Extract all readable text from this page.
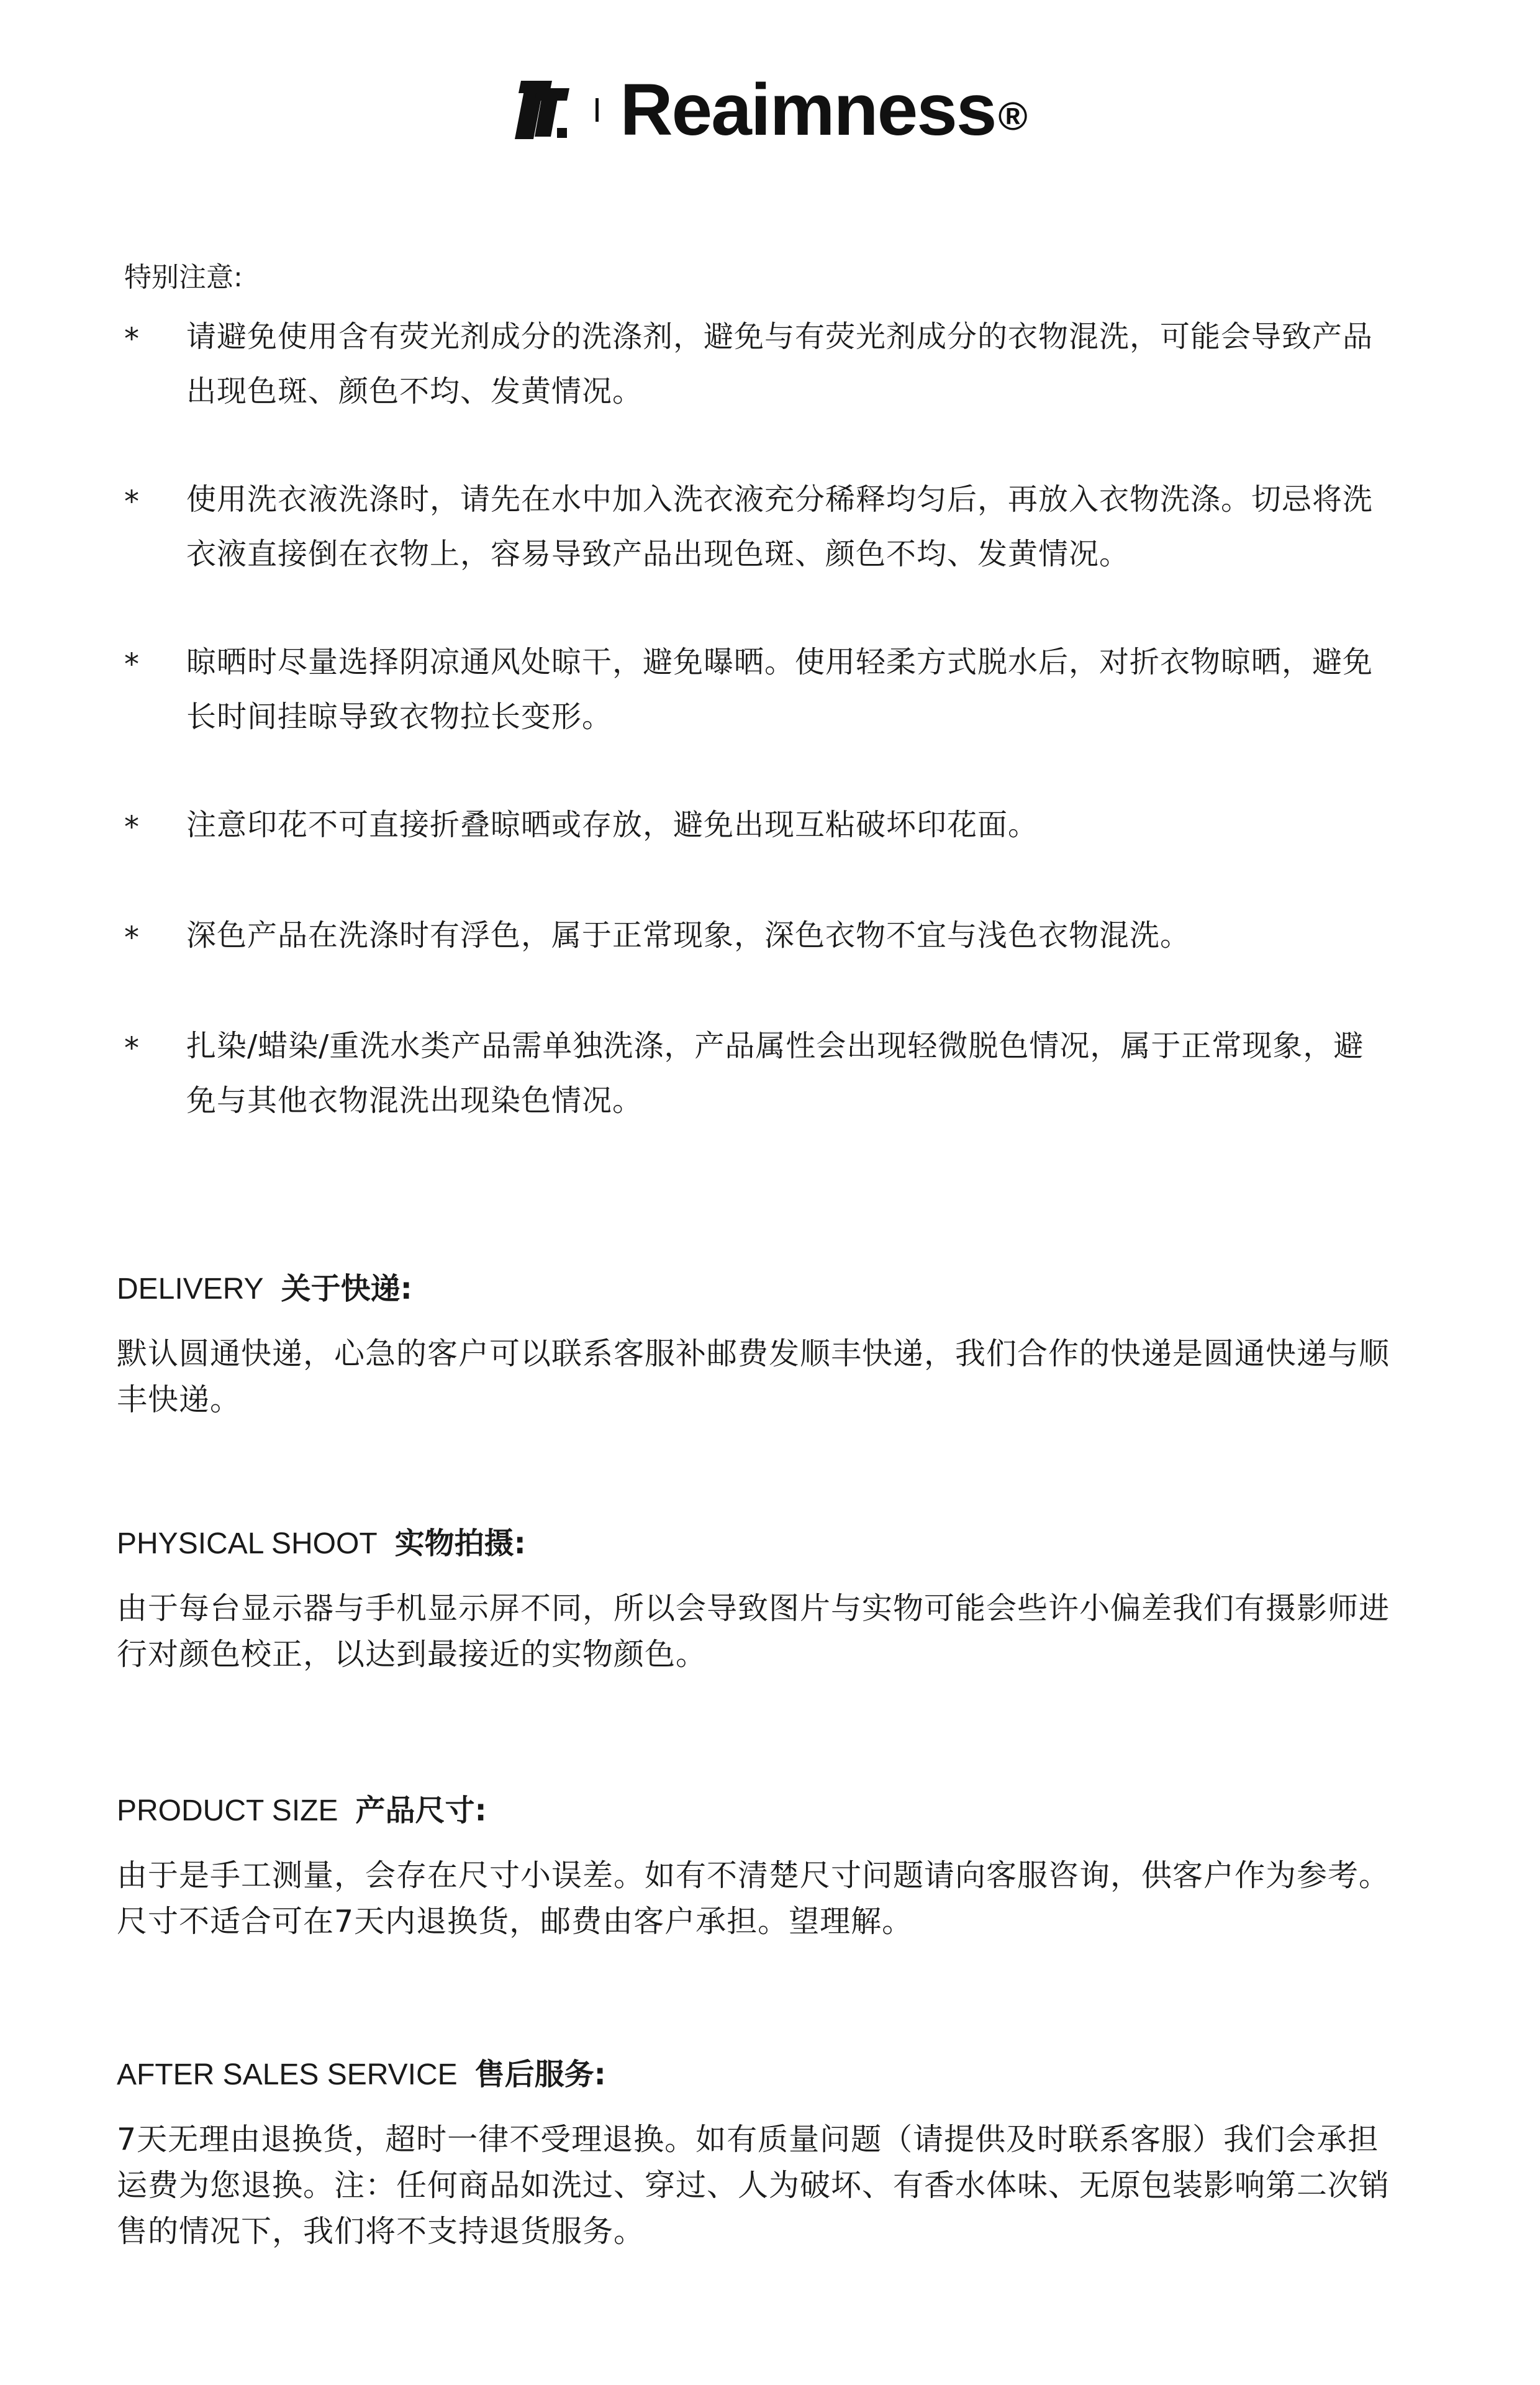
Reaimness ®
特别注意:
*	请避免使用含有荧光剂成分的洗涤剂，避免与有荧光剂成分的衣物混洗，可能会导致产品
出现色斑、颜色不均、发黄情况。
*	使用洗衣液洗涤时，请先在水中加入洗衣液充分稀释均匀后，再放入衣物洗涤。切忌将洗
衣液直接倒在衣物上，容易导致产品出现色斑、颜色不均、发黄情况。
*	晾晒时尽量选择阴凉通风处晾干，避免曝晒。使用轻柔方式脱水后，对折衣物晾晒，避免
长时间挂晾导致衣物拉长变形。
*	注意印花不可直接折叠晾晒或存放，避免出现互粘破坏印花面。
*	深色产品在洗涤时有浮色，属于正常现象，深色衣物不宜与浅色衣物混洗。
*	扎染/蜡染/重洗水类产品需单独洗涤，产品属性会出现轻微脱色情况，属于正常现象，避
免与其他衣物混洗出现染色情况。
DELIVERY 关于快递:

默认圆通快递，心急的客户可以联系客服补邮费发顺丰快递，我们合作的快递是圆通快递与顺
丰快递。

PHYSICAL SHOOT 实物拍摄:

由于每台显示器与手机显示屏不同，所以会导致图片与实物可能会些许小偏差我们有摄影师进
行对颜色校正，以达到最接近的实物颜色。

PRODUCT SIZE 产品尺寸:

由于是手工测量，会存在尺寸小误差。如有不清楚尺寸问题请向客服咨询，供客户作为参考。
尺寸不适合可在7天内退换货，邮费由客户承担。望理解。

AFTER SALES SERVICE 售后服务:

7天无理由退换货，超时一律不受理退换。如有质量问题（请提供及时联系客服）我们会承担
运费为您退换。注：任何商品如洗过、穿过、人为破坏、有香水体味、无原包装影响第二次销
售的情况下，我们将不支持退货服务。
